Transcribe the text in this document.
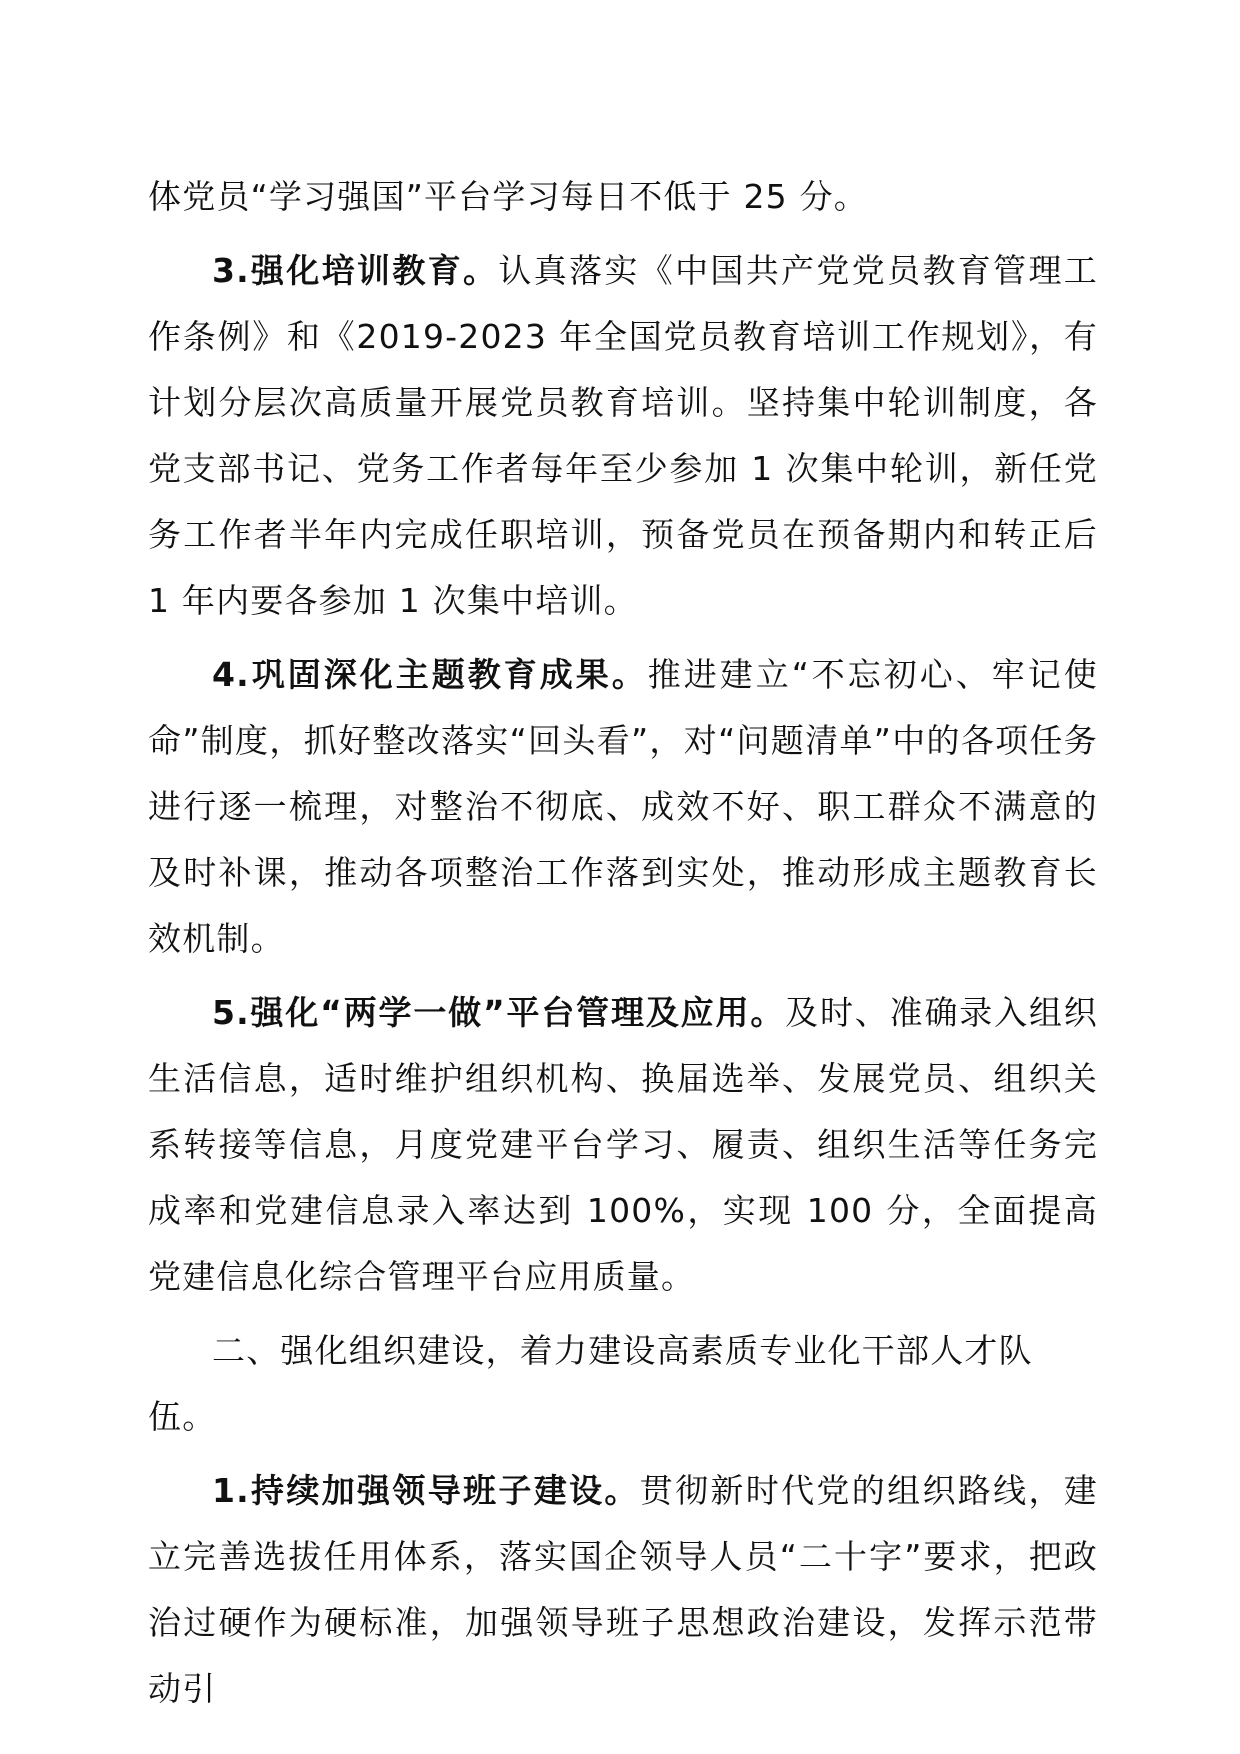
体党员“学习强国”平台学习每日不低于 25 分。

3.强化培训教育。认真落实《中国共产党党员教育管理工作条例》和《2019-2023 年全国党员教育培训工作规划》，有计划分层次高质量开展党员教育培训。坚持集中轮训制度，各党支部书记、党务工作者每年至少参加 1 次集中轮训，新任党务工作者半年内完成任职培训，预备党员在预备期内和转正后 1 年内要各参加 1 次集中培训。

4.巩固深化主题教育成果。推进建立“不忘初心、牢记使命”制度，抓好整改落实“回头看”，对“问题清单”中的各项任务进行逐一梳理，对整治不彻底、成效不好、职工群众不满意的及时补课，推动各项整治工作落到实处，推动形成主题教育长效机制。

5.强化“两学一做”平台管理及应用。及时、准确录入组织生活信息，适时维护组织机构、换届选举、发展党员、组织关系转接等信息，月度党建平台学习、履责、组织生活等任务完成率和党建信息录入率达到 100%，实现 100 分，全面提高党建信息化综合管理平台应用质量。

二、强化组织建设，着力建设高素质专业化干部人才队伍。

1.持续加强领导班子建设。贯彻新时代党的组织路线，建立完善选拔任用体系，落实国企领导人员“二十字”要求，把政治过硬作为硬标准，加强领导班子思想政治建设，发挥示范带动引
